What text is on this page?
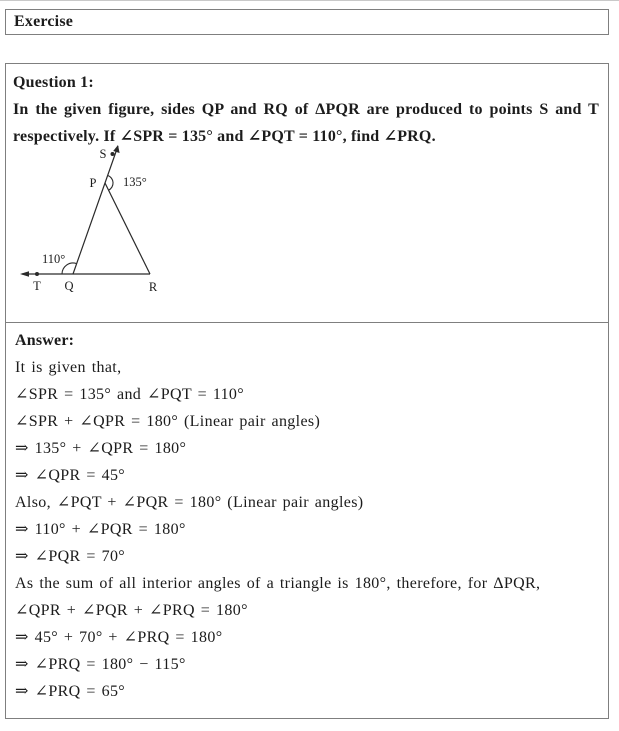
Exercise
Question 1:
In the given figure, sides QP and RQ of ΔPQR are produced to points S and T
respectively. If ∠SPR = 135° and ∠PQT = 110°, find ∠PRQ.
S
P 135°
110°
T Q	R
Answer:
It is given that,
∠SPR = 135° and ∠PQT = 110°
∠SPR + ∠QPR = 180° (Linear pair angles)
⇒ 135° + ∠QPR = 180°
⇒ ∠QPR = 45°
Also, ∠PQT + ∠PQR = 180° (Linear pair angles)
⇒ 110° + ∠PQR = 180°
⇒ ∠PQR = 70°
As the sum of all interior angles of a triangle is 180°, therefore, for ΔPQR,
∠QPR + ∠PQR + ∠PRQ = 180°
⇒ 45° + 70° + ∠PRQ = 180°
⇒ ∠PRQ = 180° − 115°
⇒ ∠PRQ = 65°
